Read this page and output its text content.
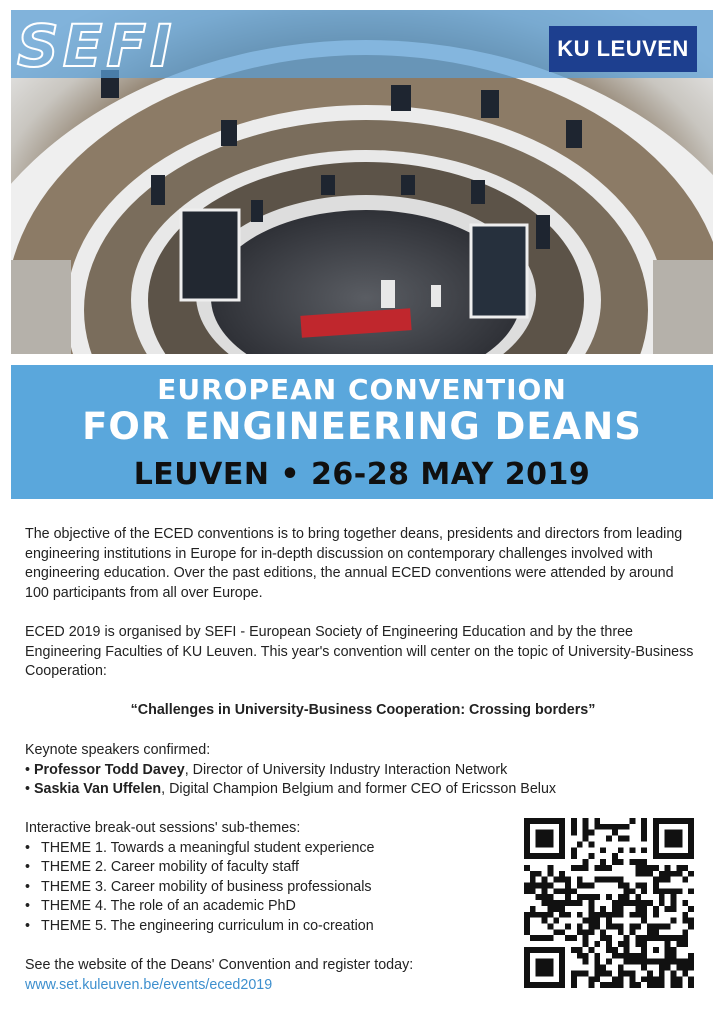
SEFI	KU LEUVEN
EUROPEAN CONVENTION
FOR ENGINEERING DEANS
LEUVEN • 26-28 MAY 2019

The objective of the ECED conventions is to bring together deans, presidents and directors from leading engineering institutions in Europe for in-depth discussion on contemporary challenges involved with engineering education. Over the past editions, the annual ECED conventions were attended by around 100 participants from all over Europe.

ECED 2019 is organised by SEFI - European Society of Engineering Education and by the three Engineering Faculties of KU Leuven. This year's convention will center on the topic of University-Business Cooperation:

“Challenges in University-Business Cooperation: Crossing borders”
Keynote speakers confirmed:
• Professor Todd Davey, Director of University Industry Interaction Network
• Saskia Van Uffelen, Digital Champion Belgium and former CEO of Ericsson Belux
Interactive break-out sessions' sub-themes:
• THEME 1. Towards a meaningful student experience
• THEME 2. Career mobility of faculty staff
• THEME 3. Career mobility of business professionals
• THEME 4. The role of an academic PhD
• THEME 5. The engineering curriculum in co-creation
See the website of the Deans' Convention and register today:
www.set.kuleuven.be/events/eced2019
